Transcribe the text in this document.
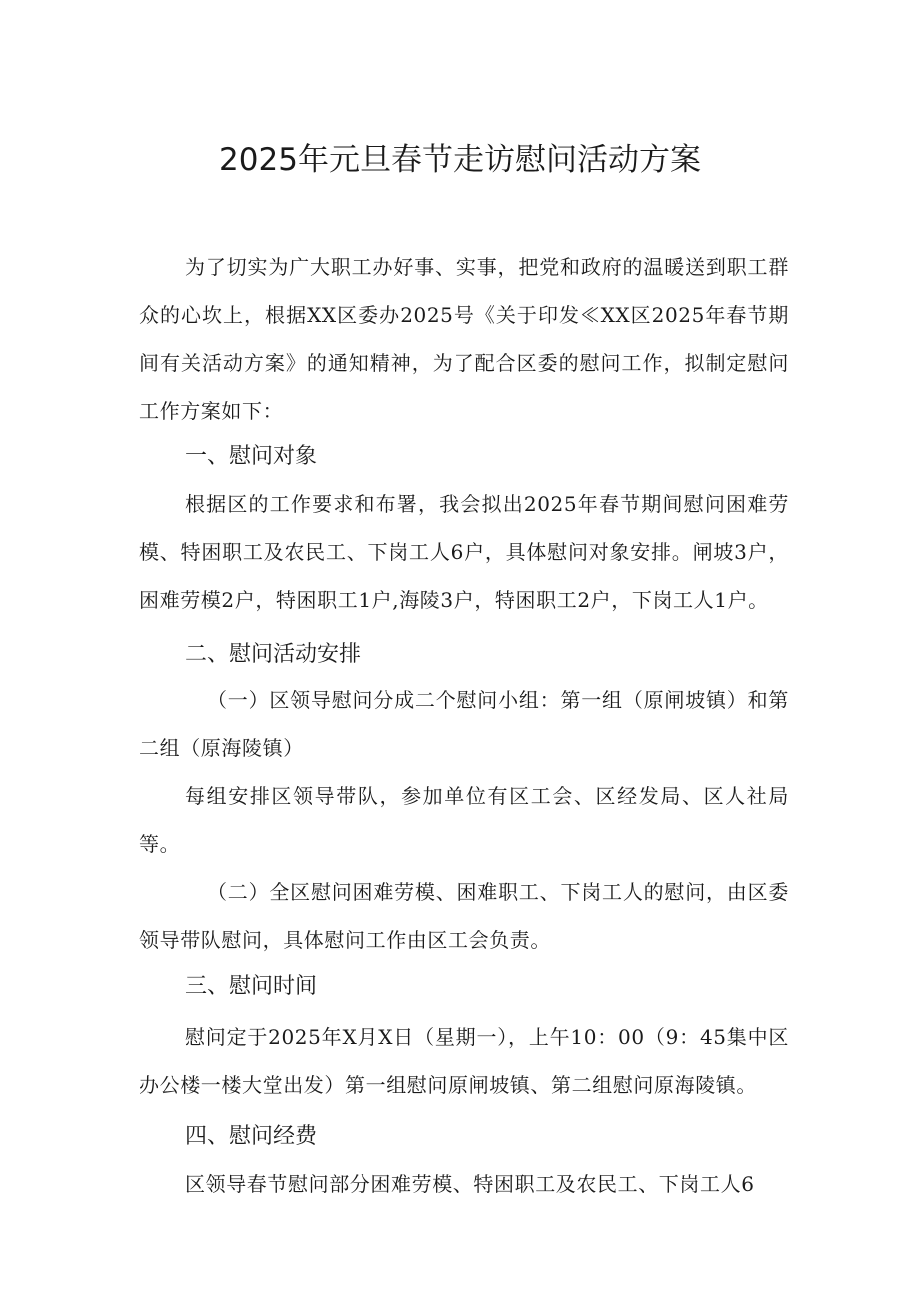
2025年元旦春节走访慰问活动方案

为了切实为广大职工办好事、实事，把党和政府的温暖送到职工群众的心坎上，根据XX区委办2025号《关于印发≪XX区2025年春节期间有关活动方案》的通知精神，为了配合区委的慰问工作，拟制定慰问工作方案如下：

一、慰问对象

根据区的工作要求和布署，我会拟出2025年春节期间慰问困难劳模、特困职工及农民工、下岗工人6户，具体慰问对象安排。闸坡3户，困难劳模2户，特困职工1户,海陵3户，特困职工2户，下岗工人1户。

二、慰问活动安排

（一）区领导慰问分成二个慰问小组：第一组（原闸坡镇）和第二组（原海陵镇）

每组安排区领导带队，参加单位有区工会、区经发局、区人社局等。

（二）全区慰问困难劳模、困难职工、下岗工人的慰问，由区委领导带队慰问，具体慰问工作由区工会负责。

三、慰问时间

慰问定于2025年X月X日（星期一），上午10：00（9：45集中区办公楼一楼大堂出发）第一组慰问原闸坡镇、第二组慰问原海陵镇。

四、慰问经费

区领导春节慰问部分困难劳模、特困职工及农民工、下岗工人6
